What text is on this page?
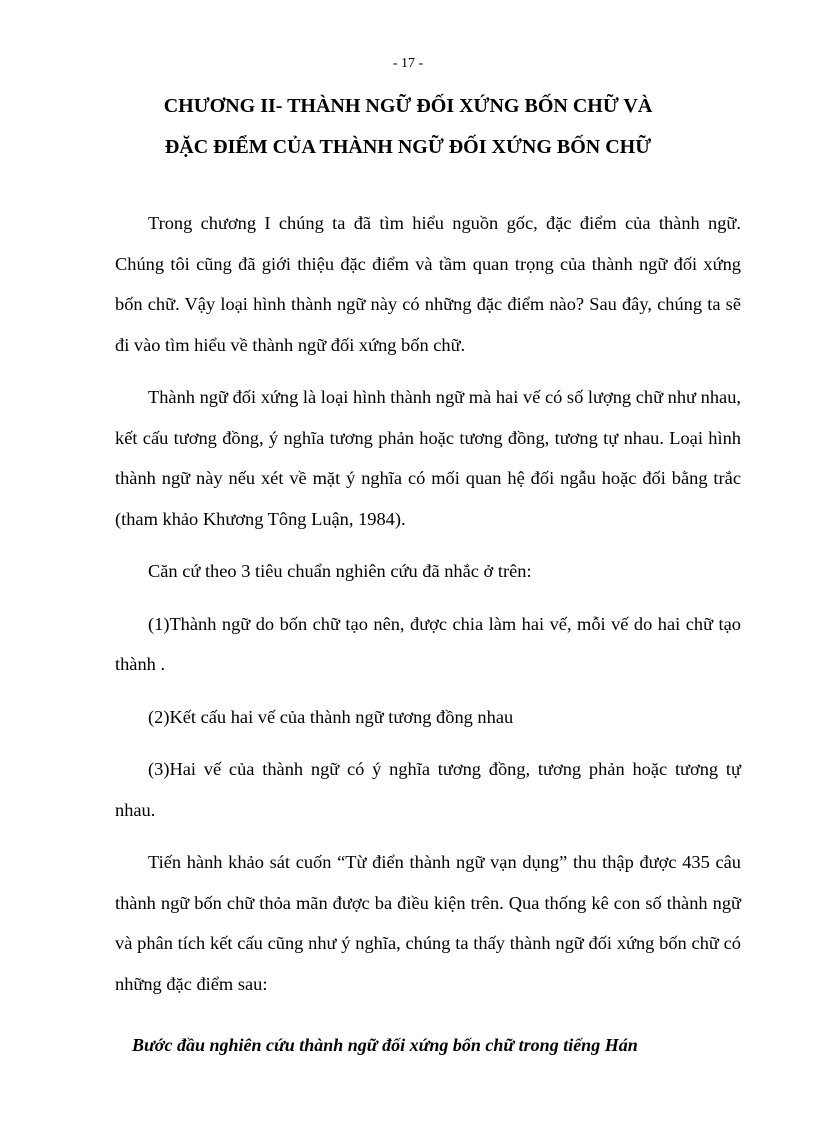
- 17 -
CHƯƠNG II- THÀNH NGỮ ĐỐI XỨNG BỐN CHỮ VÀ
ĐẶC ĐIỂM CỦA THÀNH NGỮ ĐỐI XỨNG BỐN CHỮ

Trong chương I chúng ta đã tìm hiểu nguồn gốc, đặc điểm của thành ngữ. Chúng tôi cũng đã giới thiệu đặc điểm và tầm quan trọng của thành ngữ đối xứng bốn chữ. Vậy loại hình thành ngữ này có những đặc điểm nào? Sau đây, chúng ta sẽ đi vào tìm hiểu về thành ngữ đối xứng bốn chữ.

Thành ngữ đối xứng là loại hình thành ngữ mà hai vế có số lượng chữ như nhau, kết cấu tương đồng, ý nghĩa tương phản hoặc tương đồng, tương tự nhau. Loại hình thành ngữ này nếu xét về mặt ý nghĩa có mối quan hệ đối ngẫu hoặc đối bằng trắc (tham khảo Khương Tông Luận, 1984).

Căn cứ theo 3 tiêu chuẩn nghiên cứu đã nhắc ở trên:

(1)Thành ngữ do bốn chữ tạo nên, được chia làm hai vế, mỗi vế do hai chữ tạo thành .

(2)Kết cấu hai vế của thành ngữ tương đồng nhau

(3)Hai vế của thành ngữ có ý nghĩa tương đồng, tương phản hoặc tương tự nhau.

Tiến hành khảo sát cuốn “Từ điển thành ngữ vạn dụng” thu thập được 435 câu thành ngữ bốn chữ thỏa mãn được ba điều kiện trên. Qua thống kê con số thành ngữ và phân tích kết cấu cũng như ý nghĩa, chúng ta thấy thành ngữ đối xứng bốn chữ có những đặc điểm sau:

Bước đầu nghiên cứu thành ngữ đối xứng bốn chữ trong tiếng Hán
